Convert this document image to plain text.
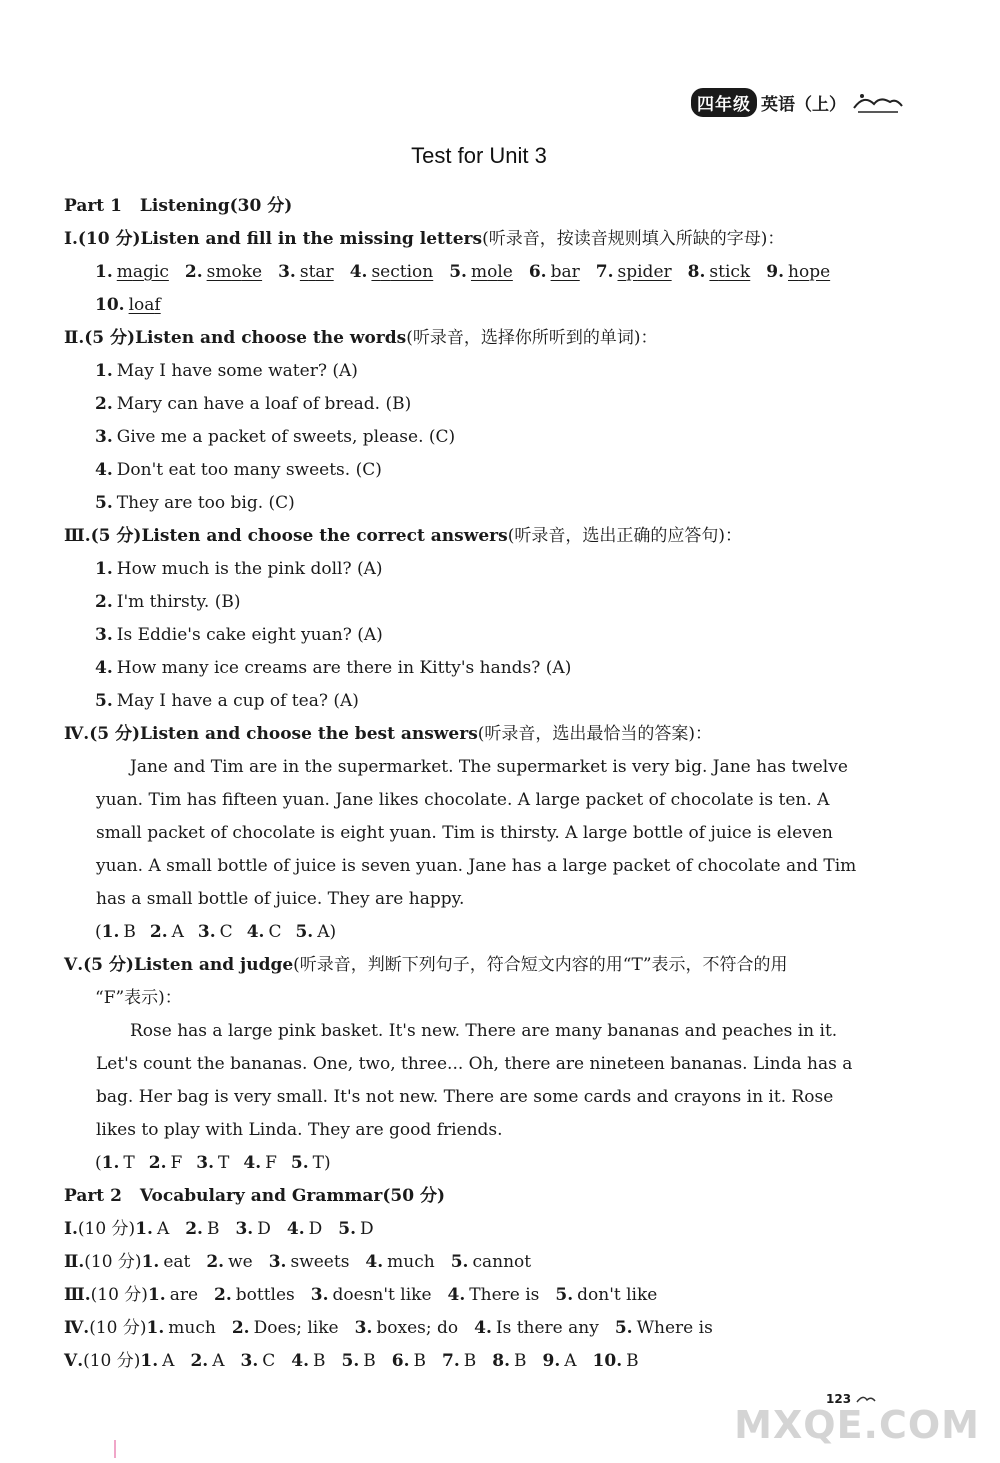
四年级 英语（上）
Test for Unit 3
Part 1 Listening(30 分)
Ⅰ.(10 分)Listen and fill in the missing letters(听录音，按读音规则填入所缺的字母)：
1. magic 2. smoke 3. star 4. section 5. mole 6. bar 7. spider 8. stick 9. hope
10. loaf
Ⅱ.(5 分)Listen and choose the words(听录音，选择你所听到的单词)：
1. May I have some water? (A)
2. Mary can have a loaf of bread. (B)
3. Give me a packet of sweets, please. (C)
4. Don't eat too many sweets. (C)
5. They are too big. (C)
Ⅲ.(5 分)Listen and choose the correct answers(听录音，选出正确的应答句)：
1. How much is the pink doll? (A)
2. I'm thirsty. (B)
3. Is Eddie's cake eight yuan? (A)
4. How many ice creams are there in Kitty's hands? (A)
5. May I have a cup of tea? (A)
Ⅳ.(5 分)Listen and choose the best answers(听录音，选出最恰当的答案)：
Jane and Tim are in the supermarket. The supermarket is very big. Jane has twelve
yuan. Tim has fifteen yuan. Jane likes chocolate. A large packet of chocolate is ten. A
small packet of chocolate is eight yuan. Tim is thirsty. A large bottle of juice is eleven
yuan. A small bottle of juice is seven yuan. Jane has a large packet of chocolate and Tim
has a small bottle of juice. They are happy.
(1. B 2. A 3. C 4. C 5. A)
Ⅴ.(5 分)Listen and judge(听录音，判断下列句子，符合短文内容的用“T”表示，不符合的用
“F”表示)：
Rose has a large pink basket. It's new. There are many bananas and peaches in it.
Let's count the bananas. One, two, three... Oh, there are nineteen bananas. Linda has a
bag. Her bag is very small. It's not new. There are some cards and crayons in it. Rose
likes to play with Linda. They are good friends.
(1. T 2. F 3. T 4. F 5. T)
Part 2 Vocabulary and Grammar(50 分)
Ⅰ.(10 分)1. A 2. B 3. D 4. D 5. D
Ⅱ.(10 分)1. eat 2. we 3. sweets 4. much 5. cannot
Ⅲ.(10 分)1. are 2. bottles 3. doesn't like 4. There is 5. don't like
Ⅳ.(10 分)1. much 2. Does; like 3. boxes; do 4. Is there any 5. Where is
Ⅴ.(10 分)1. A 2. A 3. C 4. B 5. B 6. B 7. B 8. B 9. A 10. B
123
MXQE.COM
